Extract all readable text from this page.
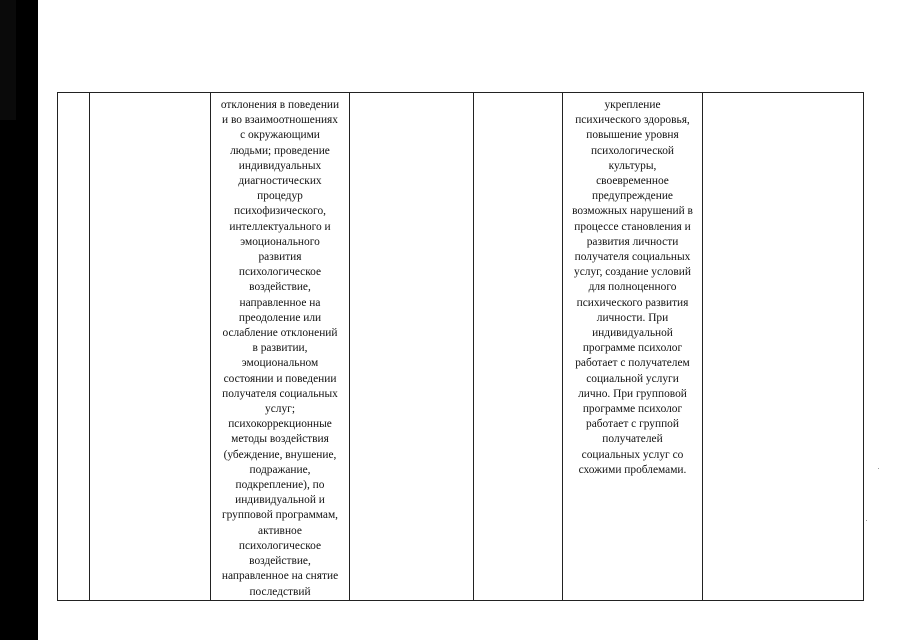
отклонения в поведении
и во взаимоотношениях
с окружающими
людьми; проведение
индивидуальных
диагностических
процедур
психофизического,
интеллектуального и
эмоционального
развития
психологическое
воздействие,
направленное на
преодоление или
ослабление отклонений
в развитии,
эмоциональном
состоянии и поведении
получателя социальных
услуг;
психокоррекционные
методы воздействия
(убеждение, внушение,
подражание,
подкрепление), по
индивидуальной и
групповой программам,
активное
психологическое
воздействие,
направленное на снятие
последствий

укрепление
психического здоровья,
повышение уровня
психологической
культуры,
своевременное
предупреждение
возможных нарушений в
процессе становления и
развития личности
получателя социальных
услуг, создание условий
для полноценного
психического развития
личности. При
индивидуальной
программе психолог
работает с получателем
социальной услуги
лично. При групповой
программе психолог
работает с группой
получателей
социальных услуг со
схожими проблемами.
